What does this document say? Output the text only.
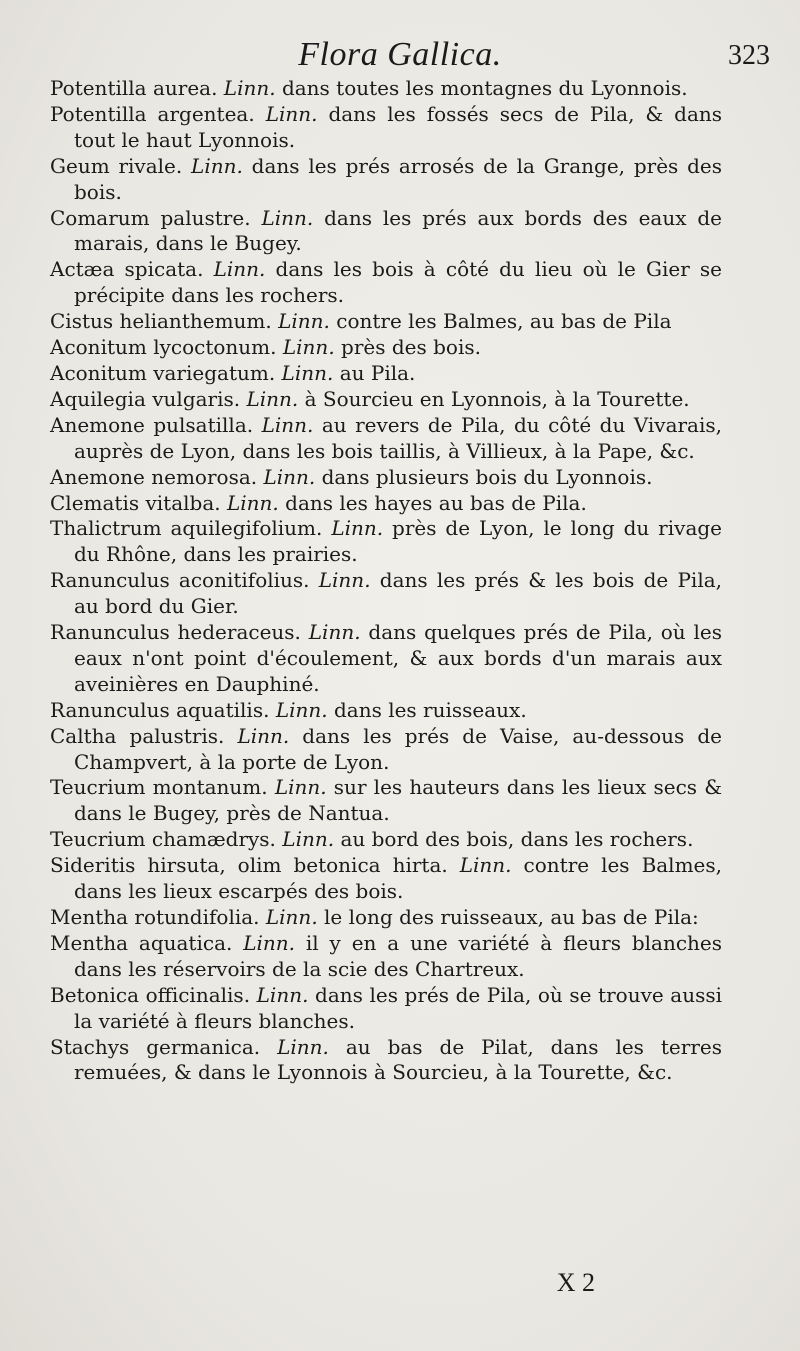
Flora Gallica.	323
Potentilla aurea. Linn. dans toutes les montagnes du Lyonnois.
Potentilla argentea. Linn. dans les fossés secs de Pila, & dans tout le haut Lyonnois.
Geum rivale. Linn. dans les prés arrosés de la Grange, près des bois.
Comarum palustre. Linn. dans les prés aux bords des eaux de marais, dans le Bugey.
Actæa spicata. Linn. dans les bois à côté du lieu où le Gier se précipite dans les rochers.
Cistus helianthemum. Linn. contre les Balmes, au bas de Pila
Aconitum lycoctonum. Linn. près des bois.
Aconitum variegatum. Linn. au Pila.
Aquilegia vulgaris. Linn. à Sourcieu en Lyonnois, à la Tourette.
Anemone pulsatilla. Linn. au revers de Pila, du côté du Vivarais, auprès de Lyon, dans les bois taillis, à Villieux, à la Pape, &c.
Anemone nemorosa. Linn. dans plusieurs bois du Lyonnois.
Clematis vitalba. Linn. dans les hayes au bas de Pila.
Thalictrum aquilegifolium. Linn. près de Lyon, le long du rivage du Rhône, dans les prairies.
Ranunculus aconitifolius. Linn. dans les prés & les bois de Pila, au bord du Gier.
Ranunculus hederaceus. Linn. dans quelques prés de Pila, où les eaux n'ont point d'écoulement, & aux bords d'un marais aux aveinières en Dauphiné.
Ranunculus aquatilis. Linn. dans les ruisseaux.
Caltha palustris. Linn. dans les prés de Vaise, au-dessous de Champvert, à la porte de Lyon.
Teucrium montanum. Linn. sur les hauteurs dans les lieux secs & dans le Bugey, près de Nantua.
Teucrium chamædrys. Linn. au bord des bois, dans les rochers.
Sideritis hirsuta, olim betonica hirta. Linn. contre les Balmes, dans les lieux escarpés des bois.
Mentha rotundifolia. Linn. le long des ruisseaux, au bas de Pila:
Mentha aquatica. Linn. il y en a une variété à fleurs blanches dans les réservoirs de la scie des Chartreux.
Betonica officinalis. Linn. dans les prés de Pila, où se trouve aussi la variété à fleurs blanches.
Stachys germanica. Linn. au bas de Pilat, dans les terres remuées, & dans le Lyonnois à Sourcieu, à la Tourette, &c.
X 2
